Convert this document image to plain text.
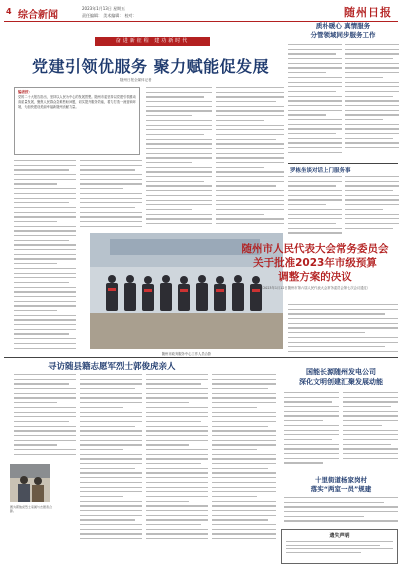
4 综合新闻
2023年1月13日 星期五
责任编辑： 美术编辑： 校对：	随州日报
奋进新征程 建功新时代
党建引领优服务 聚力赋能促发展
随州日报全媒体记者
编者按：
党的二十大报告指出，坚持以人民为中心的发展思想。随州市委坚持以党建引领推动高质量发展，聚焦人民群众急难愁盼问题，切实提升服务效能，着力打造一流营商环境，为加快建设美丽幸福新随州贡献力量。
随州市政务服务中心工作人员合影
质朴暖心 真情服务
分管领域同步服务工作
罗栋坐谈对话上门服务事
随州市人民代表大会常务委员会
关于批准2023年市级预算
调整方案的决议
（2023年1月12日随州市第六届人民代表大会常务委员会第七次会议通过）
寻访随县籍志愿军烈士郭俊虎亲人
图为郭俊虎烈士家属与志愿者合影。
国能长源随州发电公司
深化文明创建汇聚发展动能
十里街道杨家岗村
落实“两室一员”规建
遗失声明
